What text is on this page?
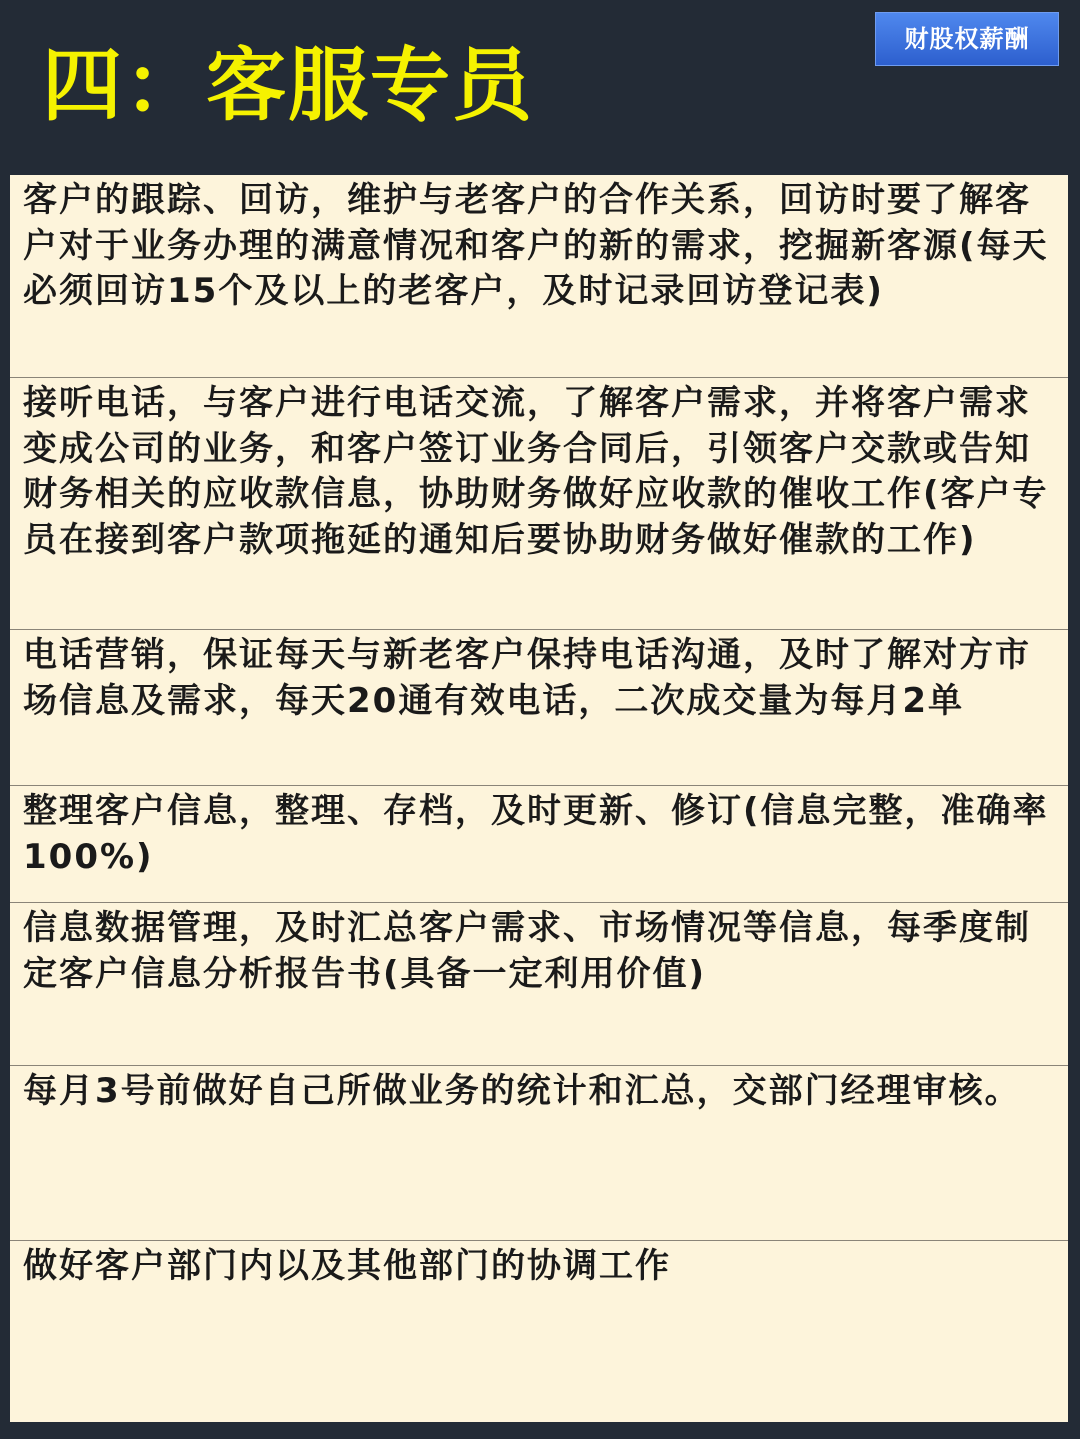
四：客服专员	财股权薪酬

客户的跟踪、回访，维护与老客户的合作关系，回访时要了解客户对于业务办理的满意情况和客户的新的需求，挖掘新客源(每天必须回访15个及以上的老客户，及时记录回访登记表)

接听电话，与客户进行电话交流，了解客户需求，并将客户需求变成公司的业务，和客户签订业务合同后，引领客户交款或告知财务相关的应收款信息，协助财务做好应收款的催收工作(客户专员在接到客户款项拖延的通知后要协助财务做好催款的工作)

电话营销，保证每天与新老客户保持电话沟通，及时了解对方市场信息及需求，每天20通有效电话，二次成交量为每月2单

整理客户信息，整理、存档，及时更新、修订(信息完整，准确率100%)

信息数据管理，及时汇总客户需求、市场情况等信息，每季度制定客户信息分析报告书(具备一定利用价值)

每月3号前做好自己所做业务的统计和汇总，交部门经理审核。

做好客户部门内以及其他部门的协调工作
